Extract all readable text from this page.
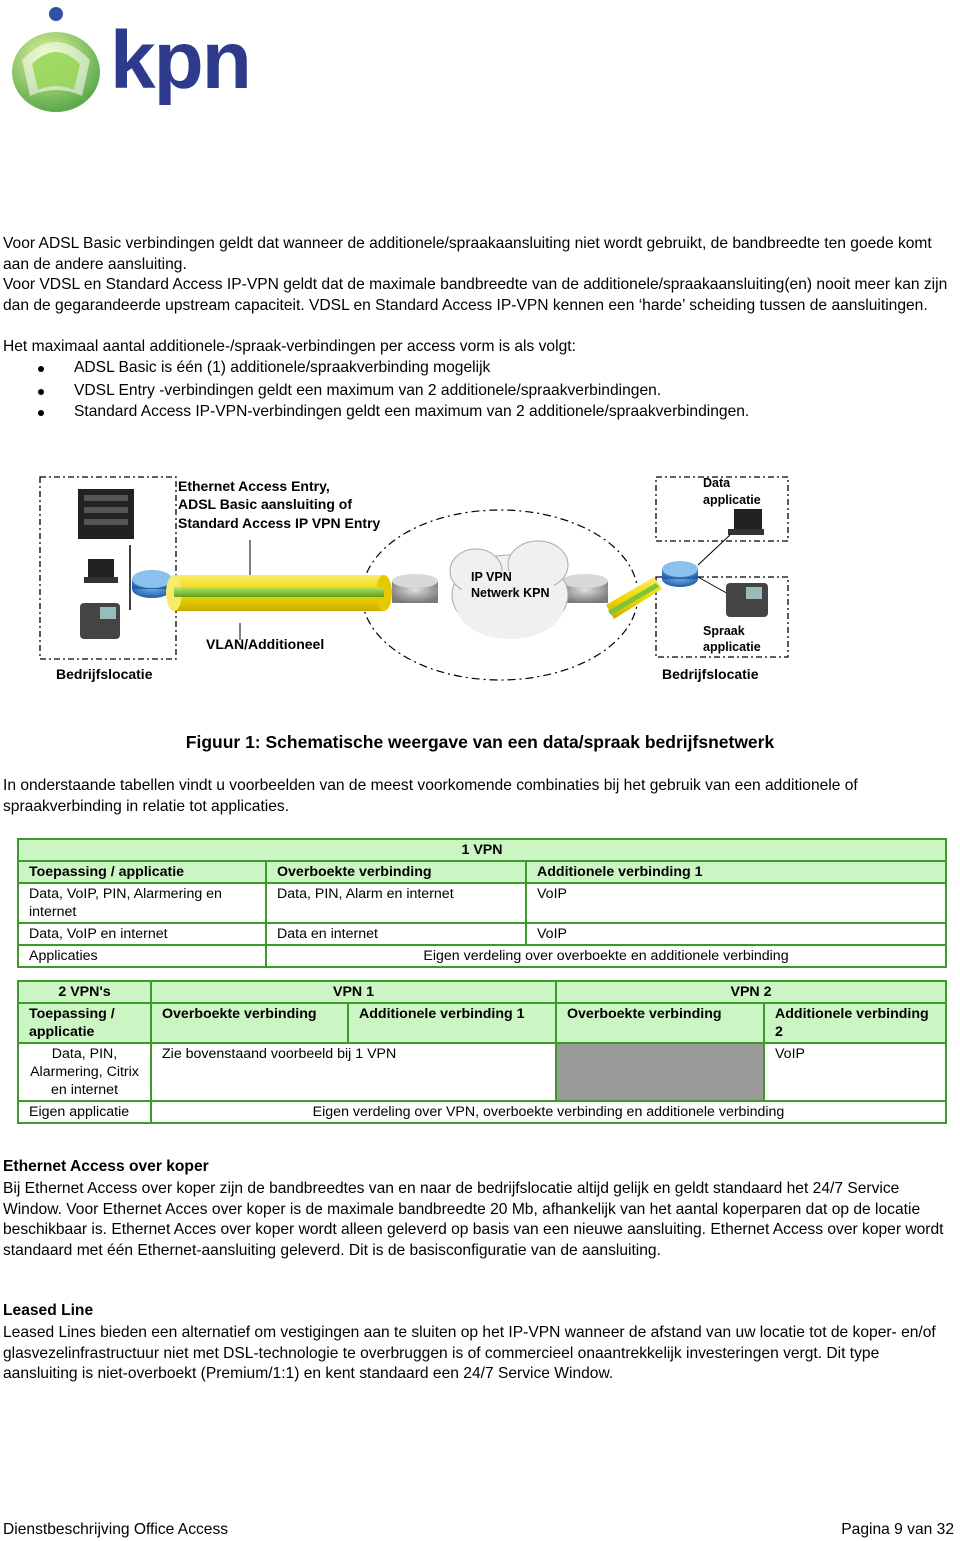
kpn

Voor ADSL Basic verbindingen geldt dat wanneer de additionele/spraakaansluiting niet wordt gebruikt, de bandbreedte ten goede komt aan de andere aansluiting.

Voor VDSL en Standard Access IP-VPN geldt dat de maximale bandbreedte van de additionele/spraakaansluiting(en) nooit meer kan zijn dan de gegarandeerde upstream capaciteit. VDSL en Standard Access IP-VPN kennen een ‘harde’ scheiding tussen de aansluitingen.

Het maximaal aantal additionele-/spraak-verbindingen per access vorm is als volgt:

ADSL Basic is één (1) additionele/spraakverbinding mogelijk
VDSL Entry -verbindingen geldt een maximum van 2 additionele/spraakverbindingen.
Standard Access IP-VPN-verbindingen geldt een maximum van 2 additionele/spraakverbindingen.
Ethernet Access Entry,
ADSL Basic aansluiting of
Standard Access IP VPN Entry
Data
applicatie
IP VPN
Netwerk KPN
Spraak
applicatie
VLAN/Additioneel
Bedrijfslocatie	Bedrijfslocatie
Figuur 1: Schematische weergave van een data/spraak bedrijfsnetwerk

In onderstaande tabellen vindt u voorbeelden van de meest voorkomende combinaties bij het gebruik van een additionele of spraakverbinding in relatie tot applicaties.

1 VPN		
Toepassing / applicatie	Overboekte verbinding	Additionele verbinding 1
Data, VoIP, PIN, Alarmering en internet	Data, PIN, Alarm en internet	VoIP
Data, VoIP en internet	Data en internet	VoIP
Applicaties	Eigen verdeling over overboekte en additionele verbinding	
2 VPN's	VPN 1		VPN 2	
Toepassing / applicatie	Overboekte verbinding	Additionele verbinding 1	Overboekte verbinding	Additionele verbinding 2
Data, PIN, Alarmering, Citrix en internet	Zie bovenstaand voorbeeld bij 1 VPN			VoIP
Eigen applicatie	Eigen verdeling over VPN, overboekte verbinding en additionele verbinding			
Ethernet Access over koper

Bij Ethernet Access over koper zijn de bandbreedtes van en naar de bedrijfslocatie altijd gelijk en geldt standaard het 24/7 Service Window. Voor Ethernet Acces over koper is de maximale bandbreedte 20 Mb, afhankelijk van het aantal koperparen dat op de locatie beschikbaar is. Ethernet Acces over koper wordt alleen geleverd op basis van een nieuwe aansluiting. Ethernet Access over koper wordt standaard met één Ethernet-aansluiting geleverd. Dit is de basisconfiguratie van de aansluiting.

Leased Line

Leased Lines bieden een alternatief om vestigingen aan te sluiten op het IP-VPN wanneer de afstand van uw locatie tot de koper- en/of glasvezelinfrastructuur niet met DSL-technologie te overbruggen is of commercieel onaantrekkelijk investeringen vergt. Dit type aansluiting is niet-overboekt (Premium/1:1) en kent standaard een 24/7 Service Window.

Dienstbeschrijving Office Access	Pagina 9 van 32
